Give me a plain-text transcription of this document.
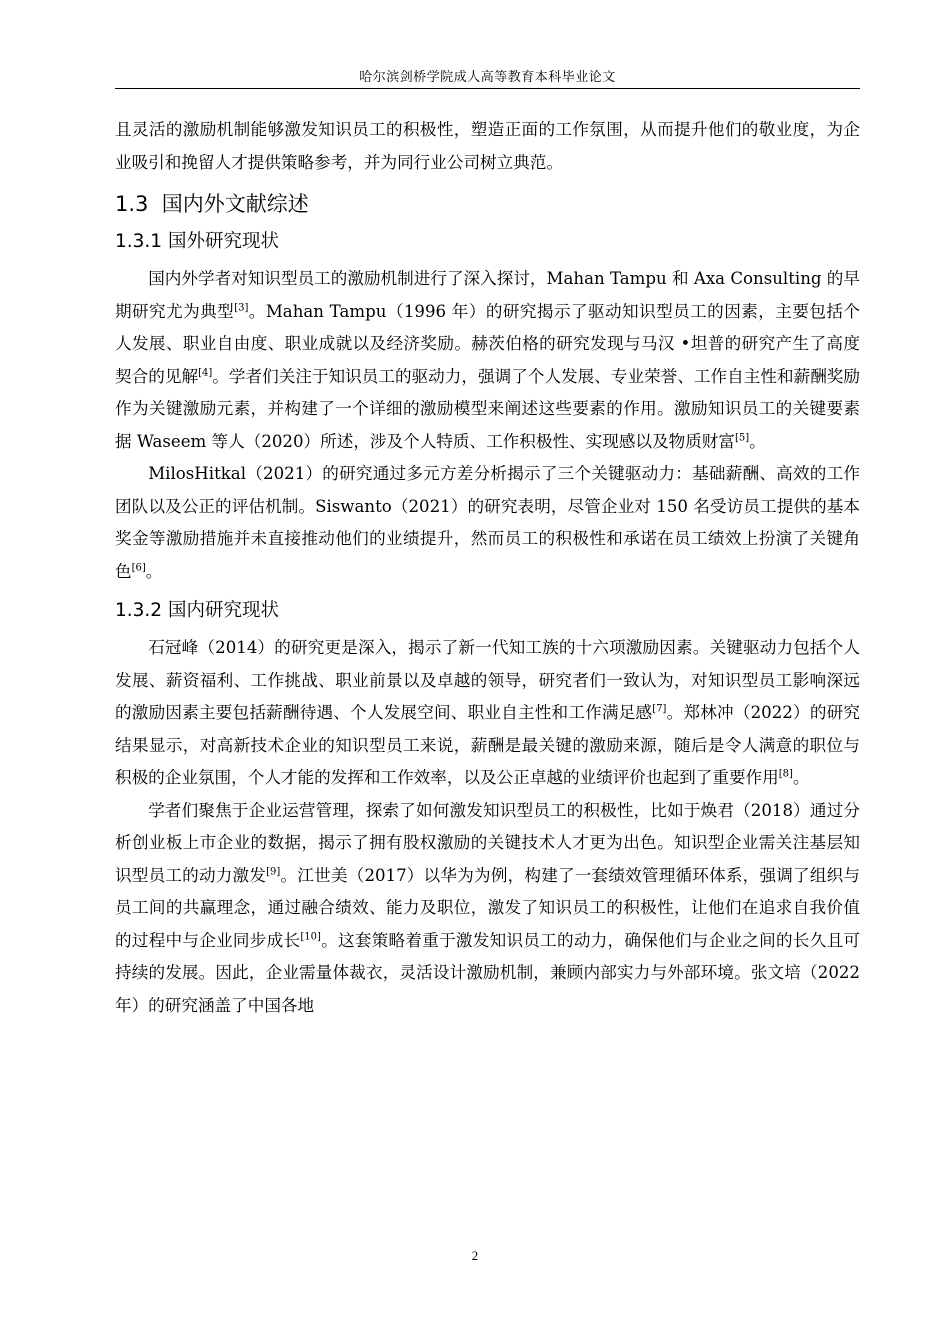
哈尔滨剑桥学院成人高等教育本科毕业论文

且灵活的激励机制能够激发知识员工的积极性，塑造正面的工作氛围，从而提升他们的敬业度，为企业吸引和挽留人才提供策略参考，并为同行业公司树立典范。

1.3 国内外文献综述
1.3.1 国外研究现状

国内外学者对知识型员工的激励机制进行了深入探讨，Mahan Tampu 和 Axa Consulting 的早期研究尤为典型[3]。Mahan Tampu（1996 年）的研究揭示了驱动知识型员工的因素，主要包括个人发展、职业自由度、职业成就以及经济奖励。赫茨伯格的研究发现与马汉 •坦普的研究产生了高度契合的见解[4]。学者们关注于知识员工的驱动力，强调了个人发展、专业荣誉、工作自主性和薪酬奖励作为关键激励元素，并构建了一个详细的激励模型来阐述这些要素的作用。激励知识员工的关键要素据 Waseem 等人（2020）所述，涉及个人特质、工作积极性、实现感以及物质财富[5]。

MilosHitkal（2021）的研究通过多元方差分析揭示了三个关键驱动力：基础薪酬、高效的工作团队以及公正的评估机制。Siswanto（2021）的研究表明，尽管企业对 150 名受访员工提供的基本奖金等激励措施并未直接推动他们的业绩提升，然而员工的积极性和承诺在员工绩效上扮演了关键角色[6]。

1.3.2 国内研究现状

石冠峰（2014）的研究更是深入，揭示了新一代知工族的十六项激励因素。关键驱动力包括个人发展、薪资福利、工作挑战、职业前景以及卓越的领导，研究者们一致认为，对知识型员工影响深远的激励因素主要包括薪酬待遇、个人发展空间、职业自主性和工作满足感[7]。郑林冲（2022）的研究结果显示，对高新技术企业的知识型员工来说，薪酬是最关键的激励来源，随后是令人满意的职位与积极的企业氛围，个人才能的发挥和工作效率，以及公正卓越的业绩评价也起到了重要作用[8]。

学者们聚焦于企业运营管理，探索了如何激发知识型员工的积极性，比如于焕君（2018）通过分析创业板上市企业的数据，揭示了拥有股权激励的关键技术人才更为出色。知识型企业需关注基层知识型员工的动力激发[9]。江世美（2017）以华为为例，构建了一套绩效管理循环体系，强调了组织与员工间的共赢理念，通过融合绩效、能力及职位，激发了知识员工的积极性，让他们在追求自我价值的过程中与企业同步成长[10]。这套策略着重于激发知识员工的动力，确保他们与企业之间的长久且可持续的发展。因此，企业需量体裁衣，灵活设计激励机制，兼顾内部实力与外部环境。张文培（2022 年）的研究涵盖了中国各地

2
